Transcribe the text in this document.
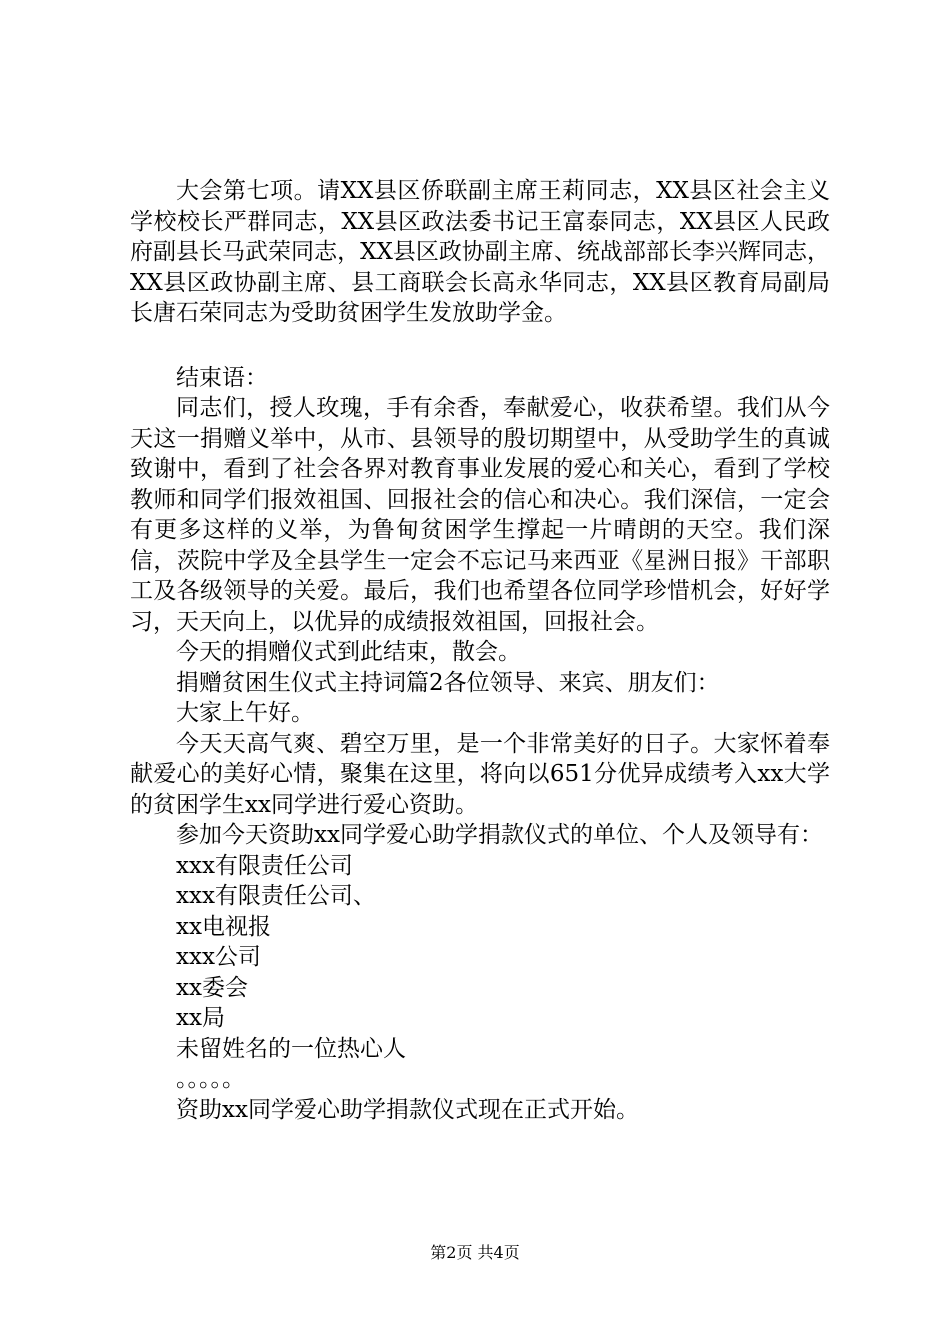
大会第七项。请XX县区侨联副主席王莉同志，XX县区社会主义学校校长严群同志，XX县区政法委书记王富泰同志，XX县区人民政府副县长马武荣同志，XX县区政协副主席、统战部部长李兴辉同志，XX县区政协副主席、县工商联会长高永华同志，XX县区教育局副局长唐石荣同志为受助贫困学生发放助学金。

结束语：

同志们，授人玫瑰，手有余香，奉献爱心，收获希望。我们从今天这一捐赠义举中，从市、县领导的殷切期望中，从受助学生的真诚致谢中，看到了社会各界对教育事业发展的爱心和关心，看到了学校教师和同学们报效祖国、回报社会的信心和决心。我们深信，一定会有更多这样的义举，为鲁甸贫困学生撑起一片晴朗的天空。我们深信，茨院中学及全县学生一定会不忘记马来西亚《星洲日报》干部职工及各级领导的关爱。最后，我们也希望各位同学珍惜机会，好好学习，天天向上，以优异的成绩报效祖国，回报社会。

今天的捐赠仪式到此结束，散会。

捐赠贫困生仪式主持词篇2各位领导、来宾、朋友们：

大家上午好。

今天天高气爽、碧空万里，是一个非常美好的日子。大家怀着奉献爱心的美好心情，聚集在这里，将向以651分优异成绩考入xx大学的贫困学生xx同学进行爱心资助。

参加今天资助xx同学爱心助学捐款仪式的单位、个人及领导有：

xxx有限责任公司

xxx有限责任公司、

xx电视报

xxx公司

xx委会

xx局

未留姓名的一位热心人

。。。。。

资助xx同学爱心助学捐款仪式现在正式开始。

第2页 共4页
